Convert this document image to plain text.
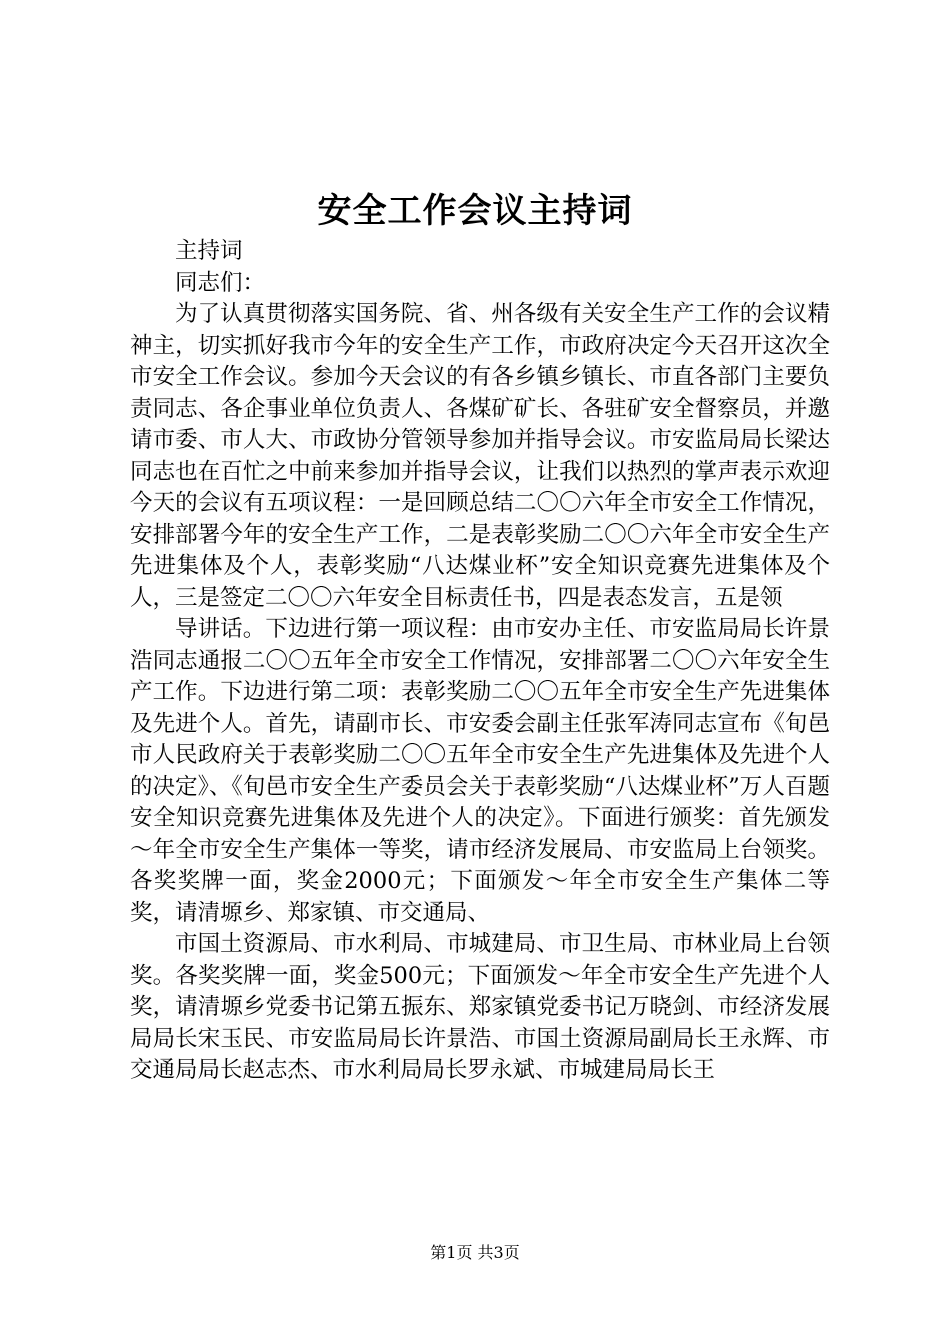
安全工作会议主持词

主持词

同志们：

为了认真贯彻落实国务院、省、州各级有关安全生产工作的会议精神主，切实抓好我市今年的安全生产工作，市政府决定今天召开这次全市安全工作会议。参加今天会议的有各乡镇乡镇长、市直各部门主要负责同志、各企事业单位负责人、各煤矿矿长、各驻矿安全督察员，并邀请市委、市人大、市政协分管领导参加并指导会议。市安监局局长梁达同志也在百忙之中前来参加并指导会议，让我们以热烈的掌声表示欢迎今天的会议有五项议程：一是回顾总结二〇〇六年全市安全工作情况，安排部署今年的安全生产工作，二是表彰奖励二〇〇六年全市安全生产先进集体及个人，表彰奖励“八达煤业杯”安全知识竞赛先进集体及个人，三是签定二〇〇六年安全目标责任书，四是表态发言，五是领

导讲话。下边进行第一项议程：由市安办主任、市安监局局长许景浩同志通报二〇〇五年全市安全工作情况，安排部署二〇〇六年安全生产工作。下边进行第二项：表彰奖励二〇〇五年全市安全生产先进集体及先进个人。首先，请副市长、市安委会副主任张军涛同志宣布《旬邑市人民政府关于表彰奖励二〇〇五年全市安全生产先进集体及先进个人的决定》、《旬邑市安全生产委员会关于表彰奖励“八达煤业杯”万人百题安全知识竞赛先进集体及先进个人的决定》。下面进行颁奖：首先颁发～年全市安全生产集体一等奖，请市经济发展局、市安监局上台领奖。各奖奖牌一面，奖金2000元；下面颁发～年全市安全生产集体二等奖，请清塬乡、郑家镇、市交通局、

市国土资源局、市水利局、市城建局、市卫生局、市林业局上台领奖。各奖奖牌一面，奖金500元；下面颁发～年全市安全生产先进个人奖，请清塬乡党委书记第五振东、郑家镇党委书记万晓剑、市经济发展局局长宋玉民、市安监局局长许景浩、市国土资源局副局长王永辉、市交通局局长赵志杰、市水利局局长罗永斌、市城建局局长王

第1页 共3页
